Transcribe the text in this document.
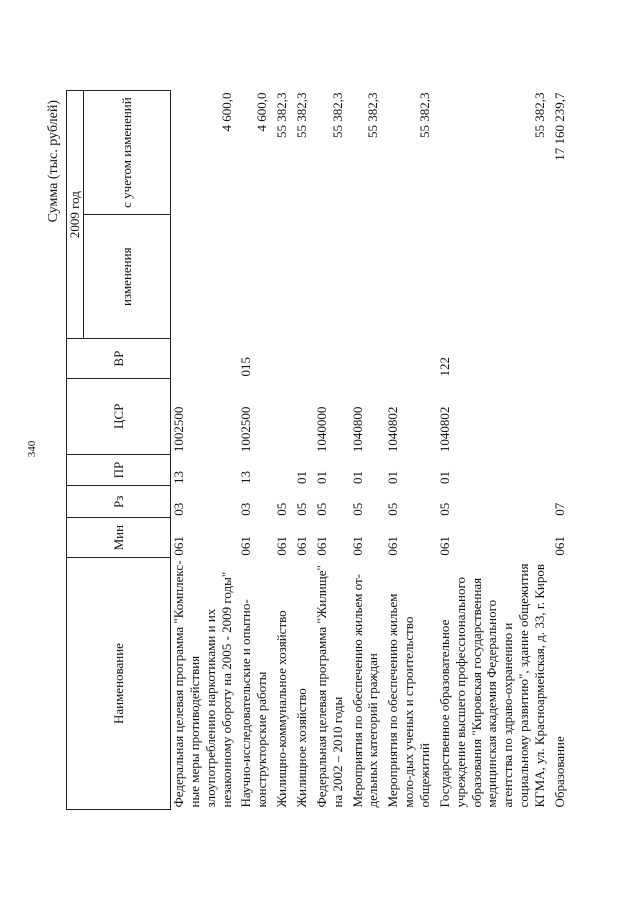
340
Сумма (тыс. рублей)
Наименование	Мин	Рз	ПР	ЦСР	ВР	2009 год	
						изменения	с учетом изменений
Федеральная целевая программа "Комплекс-ные меры противодействия злоупотреблению наркотиками и их незаконному обороту на 2005 - 2009 годы"	061	03	13	1002500			4 600,0
Научно-исследовательские и опытно-конструкторские работы	061	03	13	1002500	015		4 600,0
Жилищно-коммунальное хозяйство	061	05					55 382,3
Жилищное хозяйство	061	05	01				55 382,3
Федеральная целевая программа "Жилище" на 2002 – 2010 годы	061	05	01	1040000			55 382,3
Мероприятия по обеспечению жильем от-дельных категорий граждан	061	05	01	1040800			55 382,3
Мероприятия по обеспечению жильем моло-дых ученых и строительство общежитий	061	05	01	1040802			55 382,3
Государственное образовательное учреждение высшего профессионального образования "Кировская государственная медицинская академия Федерального агентства по здраво-охранению и социальному развитию", здание общежития КГМА, ул. Красноармейская, д. 33, г. Киров	061	05	01	1040802	122		55 382,3
Образование	061	07					17 160 239,7
